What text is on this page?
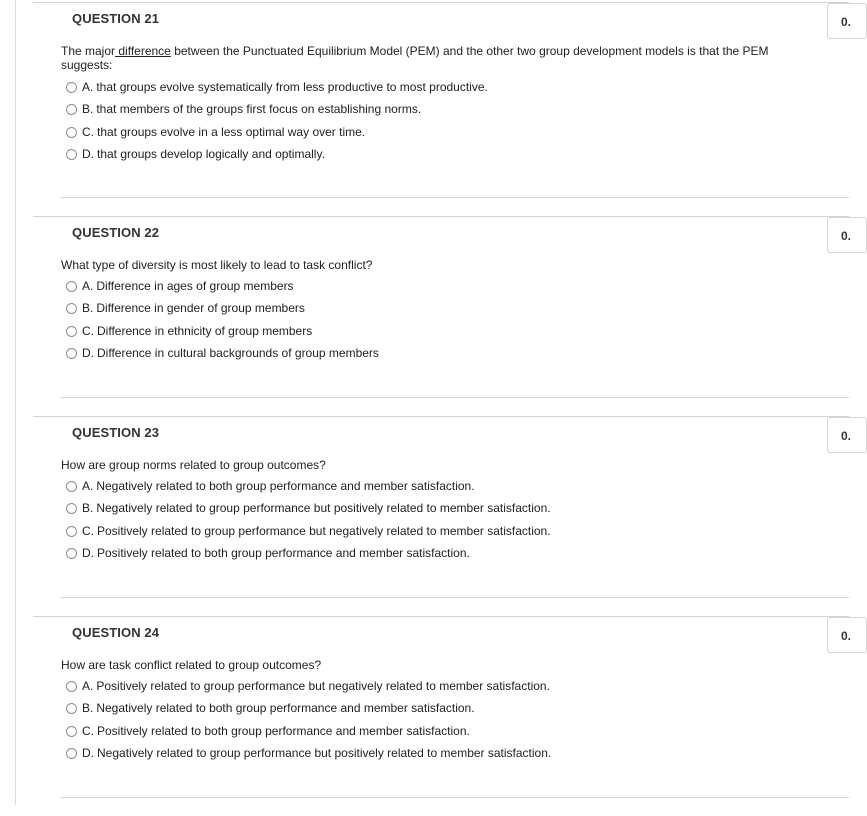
QUESTION 21	0.
The major difference between the Punctuated Equilibrium Model (PEM) and the other two group development models is that the PEM suggests:
A. that groups evolve systematically from less productive to most productive.
B. that members of the groups first focus on establishing norms.
C. that groups evolve in a less optimal way over time.
D. that groups develop logically and optimally.
QUESTION 22	0.
What type of diversity is most likely to lead to task conflict?
A. Difference in ages of group members
B. Difference in gender of group members
C. Difference in ethnicity of group members
D. Difference in cultural backgrounds of group members
QUESTION 23	0.
How are group norms related to group outcomes?
A. Negatively related to both group performance and member satisfaction.
B. Negatively related to group performance but positively related to member satisfaction.
C. Positively related to group performance but negatively related to member satisfaction.
D. Positively related to both group performance and member satisfaction.
QUESTION 24	0.
How are task conflict related to group outcomes?
A. Positively related to group performance but negatively related to member satisfaction.
B. Negatively related to both group performance and member satisfaction.
C. Positively related to both group performance and member satisfaction.
D. Negatively related to group performance but positively related to member satisfaction.
